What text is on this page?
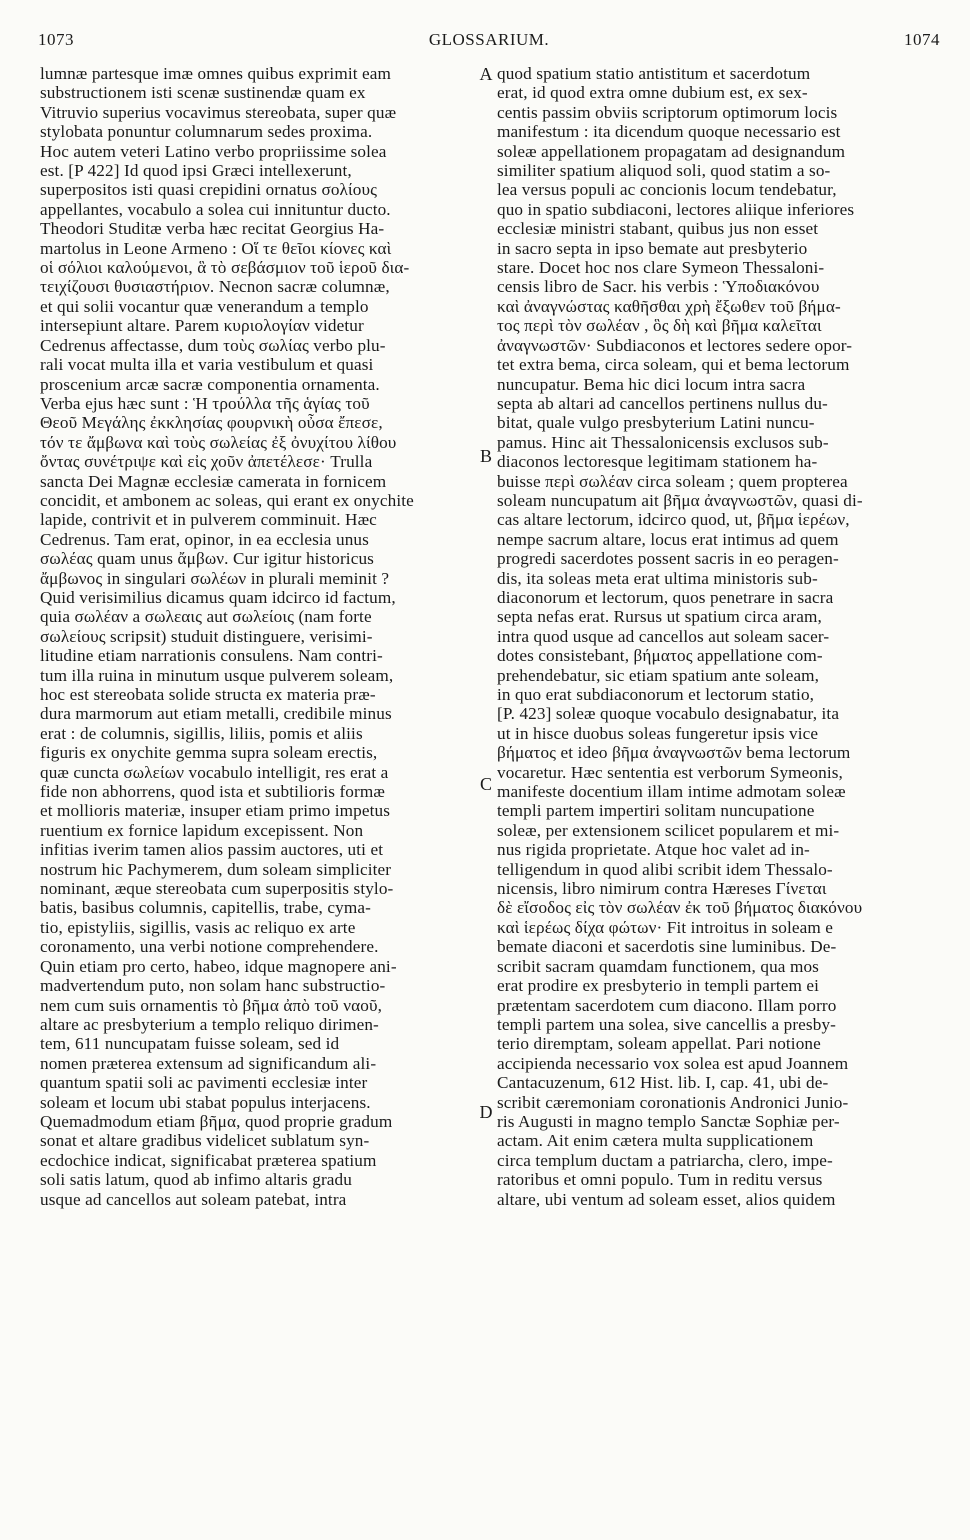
1073	GLOSSARIUM.	1074
lumnæ partesque imæ omnes quibus exprimit eam
substructionem isti scenæ sustinendæ quam ex
Vitruvio superius vocavimus stereobata, super quæ
stylobata ponuntur columnarum sedes proxima.
Hoc autem veteri Latino verbo propriissime solea
est. [P 422] Id quod ipsi Græci intellexerunt,
superpositos isti quasi crepidini ornatus σολίους
appellantes, vocabulo a solea cui innituntur ducto.
Theodori Studitæ verba hæc recitat Georgius Ha-
martolus in Leone Armeno : Οἵ τε θεῖοι κίονες καὶ
οἱ σόλιοι καλούμενοι, ἃ τὸ σεβάσμιον τοῦ ἱεροῦ δια-
τειχίζουσι θυσιαστήριον. Necnon sacræ columnæ,
et qui solii vocantur quæ venerandum a templo
intersepiunt altare. Parem κυριολογίαν videtur
Cedrenus affectasse, dum τοὺς σωλίας verbo plu-
rali vocat multa illa et varia vestibulum et quasi
proscenium arcæ sacræ componentia ornamenta.
Verba ejus hæc sunt : Ἡ τρούλλα τῆς ἁγίας τοῦ
Θεοῦ Μεγάλης ἐκκλησίας φουρνικὴ οὖσα ἔπεσε,
τόν τε ἄμβωνα καὶ τοὺς σωλείας ἐξ ὀνυχίτου λίθου
ὄντας συνέτριψε καὶ εἰς χοῦν ἀπετέλεσε· Trulla
sancta Dei Magnæ ecclesiæ camerata in fornicem
concidit, et ambonem ac soleas, qui erant ex onychite
lapide, contrivit et in pulverem comminuit. Hæc
Cedrenus. Tam erat, opinor, in ea ecclesia unus
σωλέας quam unus ἄμβων. Cur igitur historicus
ἄμβωνος in singulari σωλέων in plurali meminit ?
Quid verisimilius dicamus quam idcirco id factum,
quia σωλέαν a σωλεαις aut σωλείοις (nam forte
σωλείους scripsit) studuit distinguere, verisimi-
litudine etiam narrationis consulens. Nam contri-
tum illa ruina in minutum usque pulverem soleam,
hoc est stereobata solide structa ex materia præ-
dura marmorum aut etiam metalli, credibile minus
erat : de columnis, sigillis, liliis, pomis et aliis
figuris ex onychite gemma supra soleam erectis,
quæ cuncta σωλείων vocabulo intelligit, res erat a
fide non abhorrens, quod ista et subtilioris formæ
et mollioris materiæ, insuper etiam primo impetus
ruentium ex fornice lapidum excepissent. Non
infitias iverim tamen alios passim auctores, uti et
nostrum hic Pachymerem, dum soleam simpliciter
nominant, æque stereobata cum superpositis stylo-
batis, basibus columnis, capitellis, trabe, cyma-
tio, epistyliis, sigillis, vasis ac reliquo ex arte
coronamento, una verbi notione comprehendere.
Quin etiam pro certo, habeo, idque magnopere ani-
madvertendum puto, non solam hanc substructio-
nem cum suis ornamentis τὸ βῆμα ἀπὸ τοῦ ναοῦ,
altare ac presbyterium a templo reliquo dirimen-
tem, 611 nuncupatam fuisse soleam, sed id
nomen præterea extensum ad significandum ali-
quantum spatii soli ac pavimenti ecclesiæ inter
soleam et locum ubi stabat populus interjacens.
Quemadmodum etiam βῆμα, quod proprie gradum
sonat et altare gradibus videlicet sublatum syn-
ecdochice indicat, significabat præterea spatium
soli satis latum, quod ab infimo altaris gradu
usque ad cancellos aut soleam patebat, intra
quod spatium statio antistitum et sacerdotum
erat, id quod extra omne dubium est, ex sex-
centis passim obviis scriptorum optimorum locis
manifestum : ita dicendum quoque necessario est
soleæ appellationem propagatam ad designandum
similiter spatium aliquod soli, quod statim a so-
lea versus populi ac concionis locum tendebatur,
quo in spatio subdiaconi, lectores aliique inferiores
ecclesiæ ministri stabant, quibus jus non esset
in sacro septa in ipso bemate aut presbyterio
stare. Docet hoc nos clare Symeon Thessaloni-
censis libro de Sacr. his verbis : Ὑποδιακόνου
καὶ ἀναγνώστας καθῆσθαι χρὴ ἔξωθεν τοῦ βήμα-
τος περὶ τὸν σωλέαν , ὃς δὴ καὶ βῆμα καλεῖται
ἀναγνωστῶν· Subdiaconos et lectores sedere opor-
tet extra bema, circa soleam, qui et bema lectorum
nuncupatur. Bema hic dici locum intra sacra
septa ab altari ad cancellos pertinens nullus du-
bitat, quale vulgo presbyterium Latini nuncu-
pamus. Hinc ait Thessalonicensis exclusos sub-
diaconos lectoresque legitimam stationem ha-
buisse περὶ σωλέαν circa soleam ; quem propterea
soleam nuncupatum ait βῆμα ἀναγνωστῶν, quasi di-
cas altare lectorum, idcirco quod, ut, βῆμα ἱερέων,
nempe sacrum altare, locus erat intimus ad quem
progredi sacerdotes possent sacris in eo peragen-
dis, ita soleas meta erat ultima ministoris sub-
diaconorum et lectorum, quos penetrare in sacra
septa nefas erat. Rursus ut spatium circa aram,
intra quod usque ad cancellos aut soleam sacer-
dotes consistebant, βήματος appellatione com-
prehendebatur, sic etiam spatium ante soleam,
in quo erat subdiaconorum et lectorum statio,
[P. 423] soleæ quoque vocabulo designabatur, ita
ut in hisce duobus soleas fungeretur ipsis vice
βήματος et ideo βῆμα ἀναγνωστῶν bema lectorum
vocaretur. Hæc sententia est verborum Symeonis,
manifeste docentium illam intime admotam soleæ
templi partem impertiri solitam nuncupatione
soleæ, per extensionem scilicet popularem et mi-
nus rigida proprietate. Atque hoc valet ad in-
telligendum in quod alibi scribit idem Thessalo-
nicensis, libro nimirum contra Hæreses Γίνεται
δὲ εἴσοδος εἰς τὸν σωλέαν ἐκ τοῦ βήματος διακόνου
καὶ ἱερέως δίχα φώτων· Fit introitus in soleam e
bemate diaconi et sacerdotis sine luminibus. De-
scribit sacram quamdam functionem, qua mos
erat prodire ex presbyterio in templi partem ei
prætentam sacerdotem cum diacono. Illam porro
templi partem una solea, sive cancellis a presby-
terio diremptam, soleam appellat. Pari notione
accipienda necessario vox solea est apud Joannem
Cantacuzenum, 612 Hist. lib. I, cap. 41, ubi de-
scribit cæremoniam coronationis Andronici Junio-
ris Augusti in magno templo Sanctæ Sophiæ per-
actam. Ait enim cætera multa supplicationem
circa templum ductam a patriarcha, clero, impe-
ratoribus et omni populo. Tum in reditu versus
altare, ubi ventum ad soleam esset, alios quidem
A
B
C
D
